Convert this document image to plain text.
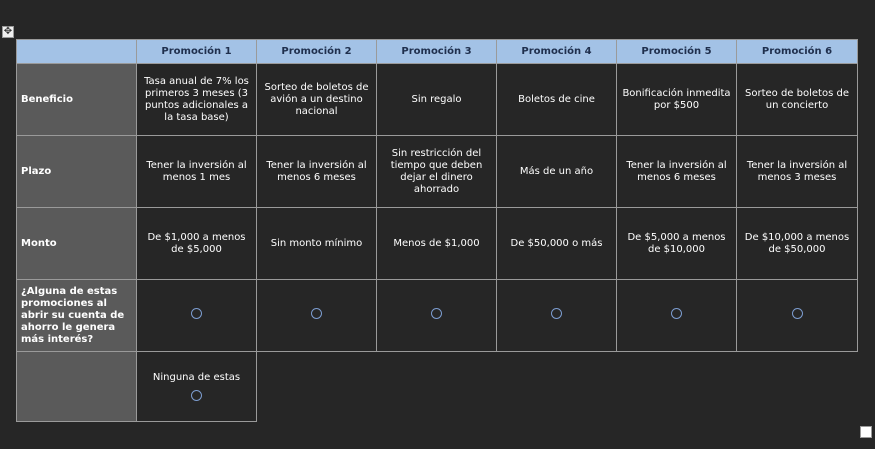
✥
	Promoción 1	Promoción 2	Promoción 3	Promoción 4	Promoción 5	Promoción 6
Beneficio	Tasa anual de 7% los primeros 3 meses (3 puntos adicionales a la tasa base)	Sorteo de boletos de avión a un destino nacional	Sin regalo	Boletos de cine	Bonificación inmedita por $500	Sorteo de boletos de un concierto
Plazo	Tener la inversión al menos 1 mes	Tener la inversión al menos 6 meses	Sin restricción del tiempo que deben dejar el dinero ahorrado	Más de un año	Tener la inversión al menos 6 meses	Tener la inversión al menos 3 meses
Monto	De $1,000 a menos de $5,000	Sin monto mínimo	Menos de $1,000	De $50,000 o más	De $5,000 a menos de $10,000	De $10,000 a menos de $50,000
¿Alguna de estas promociones al abrir su cuenta de ahorro le genera más interés?						

	Ninguna de estas					
